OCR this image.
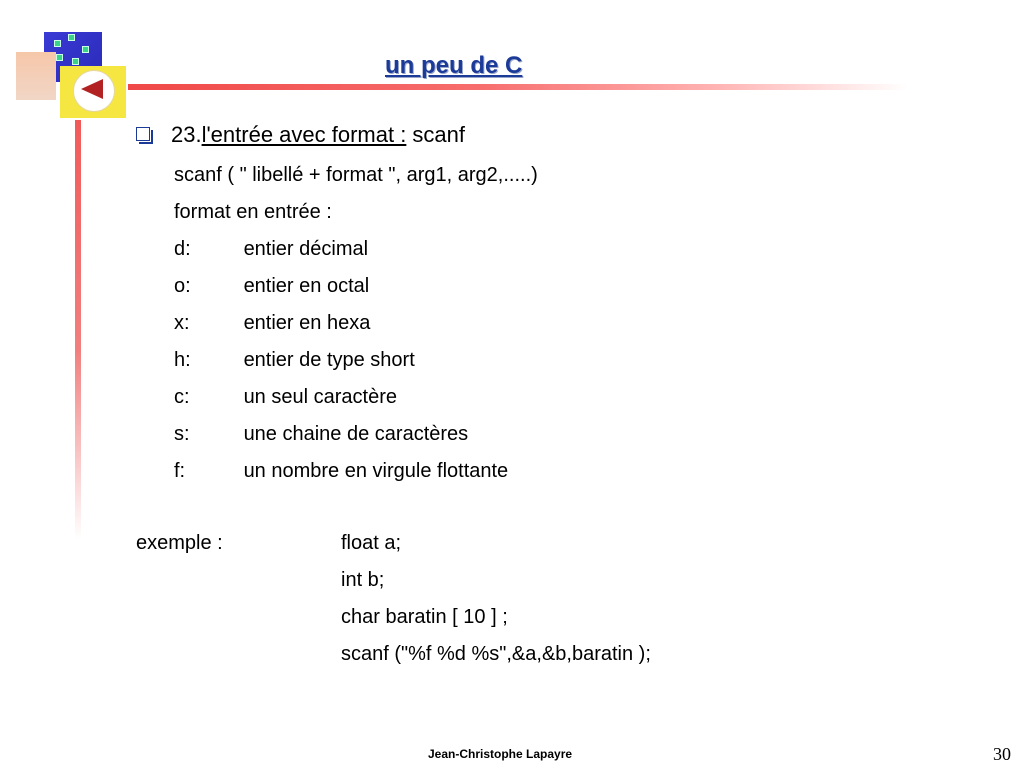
un peu de C
23. l'entrée avec format : scanf
scanf ( " libellé + format ", arg1, arg2,.....)
format en entrée :
d:	entier décimal
o:	entier en octal
x:	entier en hexa
h:	entier de type short
c:	un seul caractère
s:	une chaine de caractères
f:	un nombre en virgule flottante
exemple :	float a;
int b;
char baratin [ 10 ] ;
scanf ("%f %d %s",&a,&b,baratin );
Jean-Christophe Lapayre	30
